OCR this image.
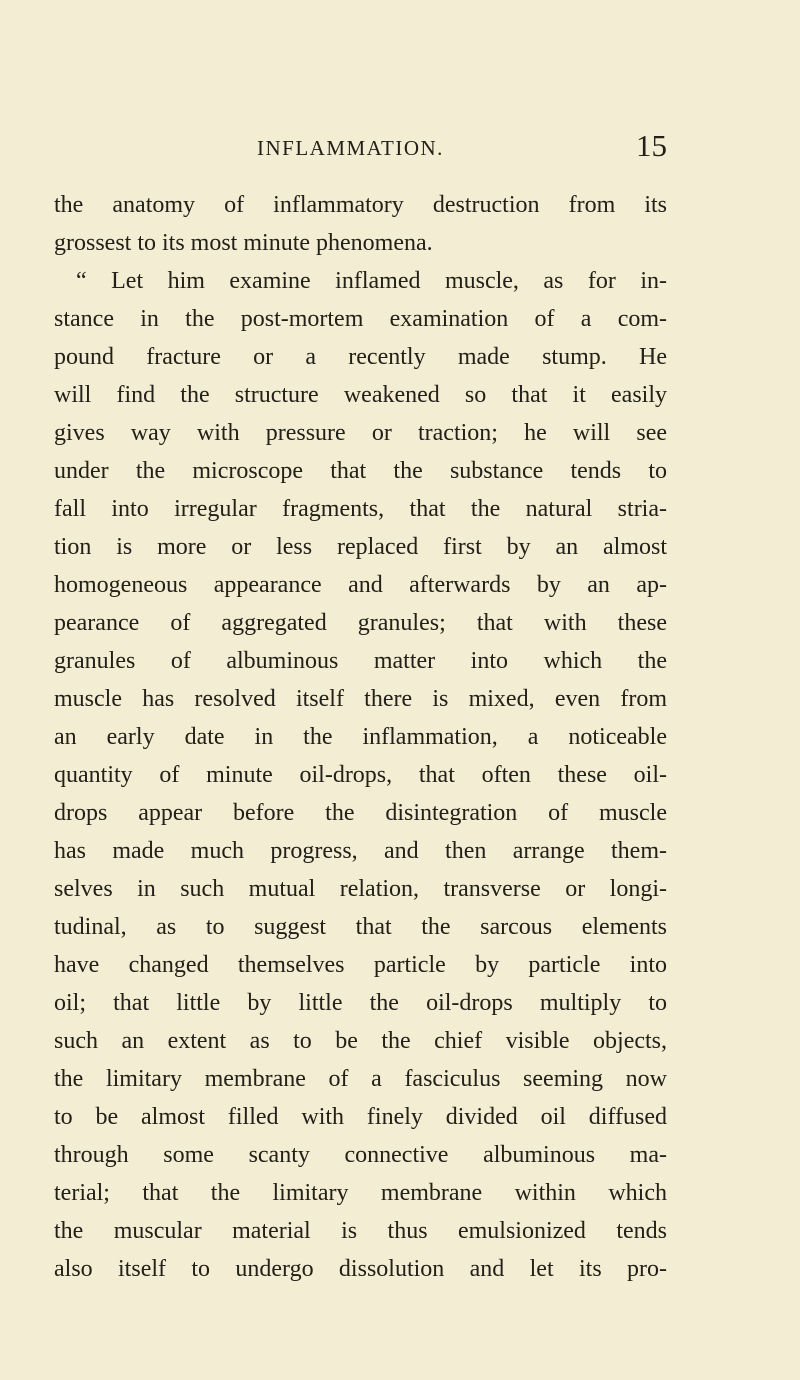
INFLAMMATION.	15
the anatomy of inflammatory destruction from its
grossest to its most minute phenomena.
“ Let him examine inflamed muscle, as for in-
stance in the post-mortem examination of a com-
pound fracture or a recently made stump. He
will find the structure weakened so that it easily
gives way with pressure or traction; he will see
under the microscope that the substance tends to
fall into irregular fragments, that the natural stria-
tion is more or less replaced first by an almost
homogeneous appearance and afterwards by an ap-
pearance of aggregated granules; that with these
granules of albuminous matter into which the
muscle has resolved itself there is mixed, even from
an early date in the inflammation, a noticeable
quantity of minute oil-drops, that often these oil-
drops appear before the disintegration of muscle
has made much progress, and then arrange them-
selves in such mutual relation, transverse or longi-
tudinal, as to suggest that the sarcous elements
have changed themselves particle by particle into
oil; that little by little the oil-drops multiply to
such an extent as to be the chief visible objects,
the limitary membrane of a fasciculus seeming now
to be almost filled with finely divided oil diffused
through some scanty connective albuminous ma-
terial; that the limitary membrane within which
the muscular material is thus emulsionized tends
also itself to undergo dissolution and let its pro-
